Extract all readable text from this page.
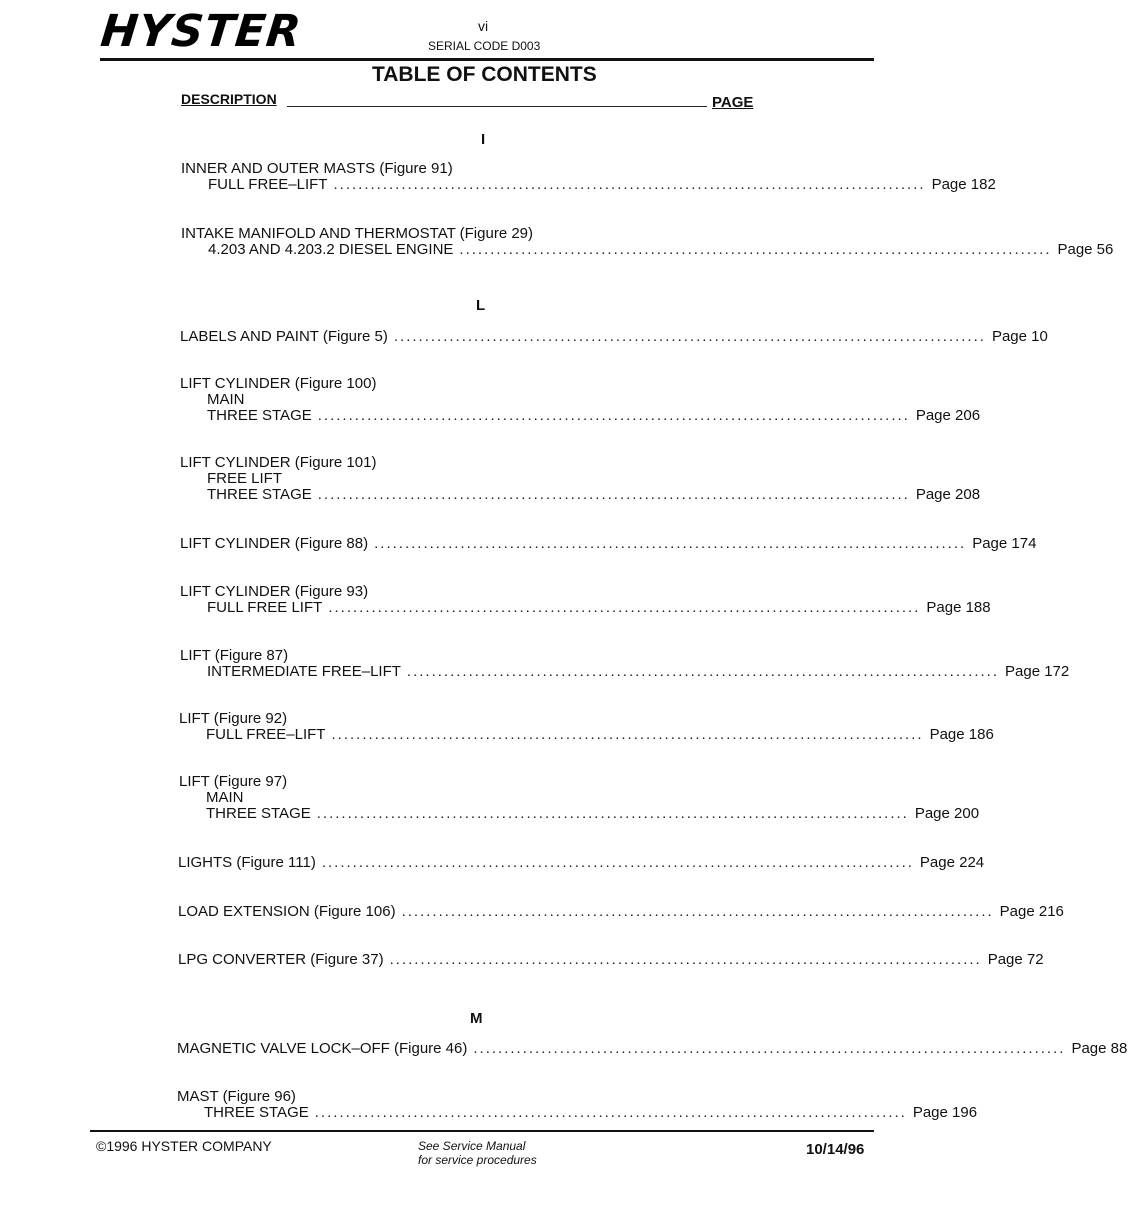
HYSTER	vi
SERIAL CODE D003
TABLE OF CONTENTS
DESCRIPTION	PAGE
I
INNER AND OUTER MASTS (Figure 91)
FULL FREE–LIFT ................................................................................................ Page 182
INTAKE MANIFOLD AND THERMOSTAT (Figure 29)
4.203 AND 4.203.2 DIESEL ENGINE ................................................................................................ Page 56
L
LABELS AND PAINT (Figure 5) ................................................................................................ Page 10
LIFT CYLINDER (Figure 100)
MAIN
THREE STAGE ................................................................................................ Page 206
LIFT CYLINDER (Figure 101)
FREE LIFT
THREE STAGE ................................................................................................ Page 208
LIFT CYLINDER (Figure 88) ................................................................................................ Page 174
LIFT CYLINDER (Figure 93)
FULL FREE LIFT ................................................................................................ Page 188
LIFT (Figure 87)
INTERMEDIATE FREE–LIFT ................................................................................................ Page 172
LIFT (Figure 92)
FULL FREE–LIFT ................................................................................................ Page 186
LIFT (Figure 97)
MAIN
THREE STAGE ................................................................................................ Page 200
LIGHTS (Figure 111) ................................................................................................ Page 224
LOAD EXTENSION (Figure 106) ................................................................................................ Page 216
LPG CONVERTER (Figure 37) ................................................................................................ Page 72
M
MAGNETIC VALVE LOCK–OFF (Figure 46) ................................................................................................ Page 88
MAST (Figure 96)
THREE STAGE ................................................................................................ Page 196
©1996 HYSTER COMPANY	See Service Manual
for service procedures
10/14/96
